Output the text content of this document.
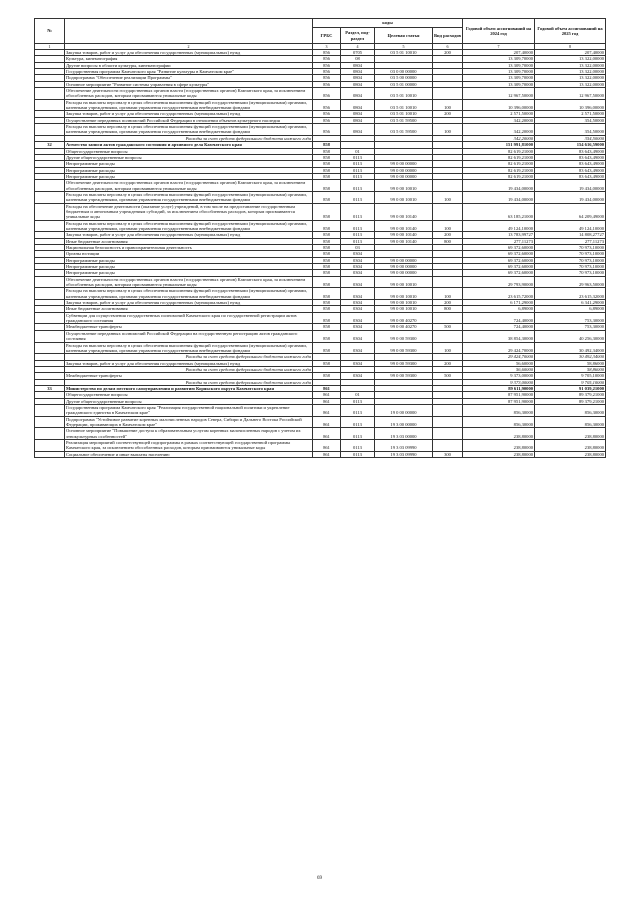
№		коды				Годовой объем ассигнований на 2024 год	Годовой объем ассигнований на 2025 год
		ГРБС	Раздел, под-раздел	Целевая статья	Вид расходов		
1	2	3	4	5	6	7	8
	Закупка товаров, работ и услуг для обеспечения государственных (муниципальных) нужд	856	0705	03 5 01 10010	200	207,40000	207,40000
	Культура, кинематография	856	08			13 309,70000	13 322,00000
	Другие вопросы в области культуры, кинематографии	856	0804			13 309,70000	13 322,00000
	Государственная программа Камчатского края "Развитие культуры в Камчатском крае"	856	0804	03 0 00 00000		13 309,70000	13 322,00000
	Подпрограмма "Обеспечение реализации Программы"	856	0804	03 5 00 00000		13 309,70000	13 322,00000
	Основное мероприятие "Развитие системы управления в сфере культуры"	856	0804	03 5 01 00000		13 309,70000	13 322,00000
	Обеспечение деятельности государственных органов власти (государственных органов) Камчатского края, за исключением обособленных расходов, которым присваиваются уникальные коды	856	0804	03 5 01 10010		12 967,50000	12 967,50000
	Расходы на выплаты персоналу в целях обеспечения выполнения функций государственными (муниципальными) органами, казенными учреждениями, органами управления государственными внебюджетными фондами	856	0804	03 5 01 10010	100	10 396,00000	10 396,00000
	Закупка товаров, работ и услуг для обеспечения государственных (муниципальных) нужд	856	0804	03 5 01 10010	200	2 571,50000	2 571,50000
	Осуществление переданных полномочий Российской Федерации в отношении объектов культурного наследия	856	0804	03 5 01 59500		342,20000	354,50000
	Расходы на выплаты персоналу в целях обеспечения выполнения функций государственными (муниципальными) органами, казенными учреждениями, органами управления государственными внебюджетными фондами	856	0804	03 5 01 59500	100	342,20000	354,50000
	Расходы за счет средств федерального бюджета нижнего года					342,20000	354,50000
32	Агентство записи актов гражданского состояния и архивного дела Камчатского края	858				151 991,81000	154 616,59000
	Общегосударственные вопросы	858	01			82 619,21000	83 643,49000
	Другие общегосударственные вопросы	858	0113			82 619,21000	83 643,49000
	Непрограммные расходы	858	0113	99 0 00 00000		82 619,21000	83 643,49000
	Непрограммные расходы	858	0113	99 0 00 00000		82 619,21000	83 643,49000
	Непрограммные расходы	858	0113	99 0 00 00000		82 619,21000	83 643,49000
	Обеспечение деятельности государственных органов власти (государственных органов) Камчатского края, за исключением обособленных расходов, которым присваиваются уникальные коды	858	0113	99 0 00 10010		19 434,00000	19 434,00000
	Расходы на выплаты персоналу в целях обеспечения выполнения функций государственными (муниципальными) органами, казенными учреждениями, органами управления государственными внебюджетными фондами	858	0113	99 0 00 10010	100	19 434,00000	19 434,00000
	Расходы на обеспечение деятельности (оказание услуг) учреждений, в том числе на предоставление государственным бюджетным и автономным учреждениям субсидий, за исключением обособленных расходов, которым присваиваются уникальные коды	858	0113	99 0 00 10140		63 185,21000	64 209,49000
	Расходы на выплаты персоналу в целях обеспечения выполнения функций государственными (муниципальными) органами, казенными учреждениями, органами управления государственными внебюджетными фондами	858	0113	99 0 00 10140	100	49 124,10000	49 124,10000
	Закупка товаров, работ и услуг для обеспечения государственных (муниципальных) нужд	858	0113	99 0 00 10140	200	13 783,99727	14 808,27727
	Иные бюджетные ассигнования	858	0113	99 0 00 10140	800	277,11273	277,11273
	Национальная безопасность и правоохранительная деятельность	858	03			69 372,60000	70 973,10000
	Органы юстиции	858	0304			69 372,60000	70 973,10000
	Непрограммные расходы	858	0304	99 0 00 00000		69 372,60000	70 973,10000
	Непрограммные расходы	858	0304	99 0 00 00000		69 372,60000	70 973,10000
	Непрограммные расходы	858	0304	99 0 00 00000		69 372,60000	70 973,10000
	Обеспечение деятельности государственных органов власти (государственных органов) Камчатского края, за исключением обособленных расходов, которым присваиваются уникальные коды	858	0304	99 0 00 10010		29 793,90000	29 963,50000
	Расходы на выплаты персоналу в целях обеспечения выполнения функций государственными (муниципальными) органами, казенными учреждениями, органами управления государственными внебюджетными фондами	858	0304	99 0 00 10010	100	23 615,72000	23 615,32000
	Закупка товаров, работ и услуг для обеспечения государственных (муниципальных) нужд	858	0304	99 0 00 10010	200	6 171,29000	6 341,29000
	Иные бюджетные ассигнования	858	0304	99 0 00 10010	800	6,89000	6,89000
	Субвенции для осуществления государственных полномочий Камчатского края по государственной регистрации актов гражданского состояния	858	0304	99 0 00 40270		724,40000	753,30000
	Межбюджетные трансферты	858	0304	99 0 00 40270	500	724,40000	753,30000
	Осуществление переданных полномочий Российской Федерации на государственную регистрацию актов гражданского состояния	858	0304	99 0 00 59300		38 854,30000	40 256,30000
	Расходы на выплаты персоналу в целях обеспечения выполнения функций государственными (муниципальными) органами, казенными учреждениями, органами управления государственными внебюджетными фондами	858	0304	99 0 00 59300	100	29 424,70000	30 492,34000
	Расходы за счет средств федерального бюджета нижнего года					29 424,70000	30 492,34000
	Закупка товаров, работ и услуг для обеспечения государственных (муниципальных) нужд	858	0304	99 0 00 59300	200	56,60000	58,86000
	Расходы за счет средств федерального бюджета нижнего года					56,60000	58,86000
	Межбюджетные трансферты	858	0304	99 0 00 59300	500	9 373,00000	9 705,10000
	Расходы за счет средств федерального бюджета нижнего года					9 373,00000	9 705,10000
33	Министерство по делам местного самоуправления и развитию Корякского округа Камчатского края	861				89 611,90000	91 039,21000
	Общегосударственные вопросы	861	01			87 951,90000	89 379,21000
	Другие общегосударственные вопросы	861	0113			87 951,90000	89 379,21000
	Государственная программа Камчатского края "Реализация государственной национальной политики и укрепление гражданского единства в Камчатском крае"	861	0113	19 0 00 00000		856,30000	856,30000
	Подпрограмма "Устойчивое развитие коренных малочисленных народов Севера, Сибири и Дальнего Востока Российской Федерации, проживающих в Камчатском крае"	861	0113	19 3 00 00000		856,30000	856,30000
	Основное мероприятие "Повышение доступа к образовательным услугам коренных малочисленных народов с учетом их этнокультурных особенностей"	861	0113	19 3 03 00000		238,80000	238,80000
	Реализация мероприятий соответствующей подпрограммы в рамках соответствующей государственной программы Камчатского края, за исключением обособленных расходов, которым присваиваются уникальные коды	861	0113	19 3 03 09990		238,80000	238,80000
	Социальное обеспечение и иные выплаты населению	861	0113	19 3 03 09990	300	238,80000	238,80000
69
